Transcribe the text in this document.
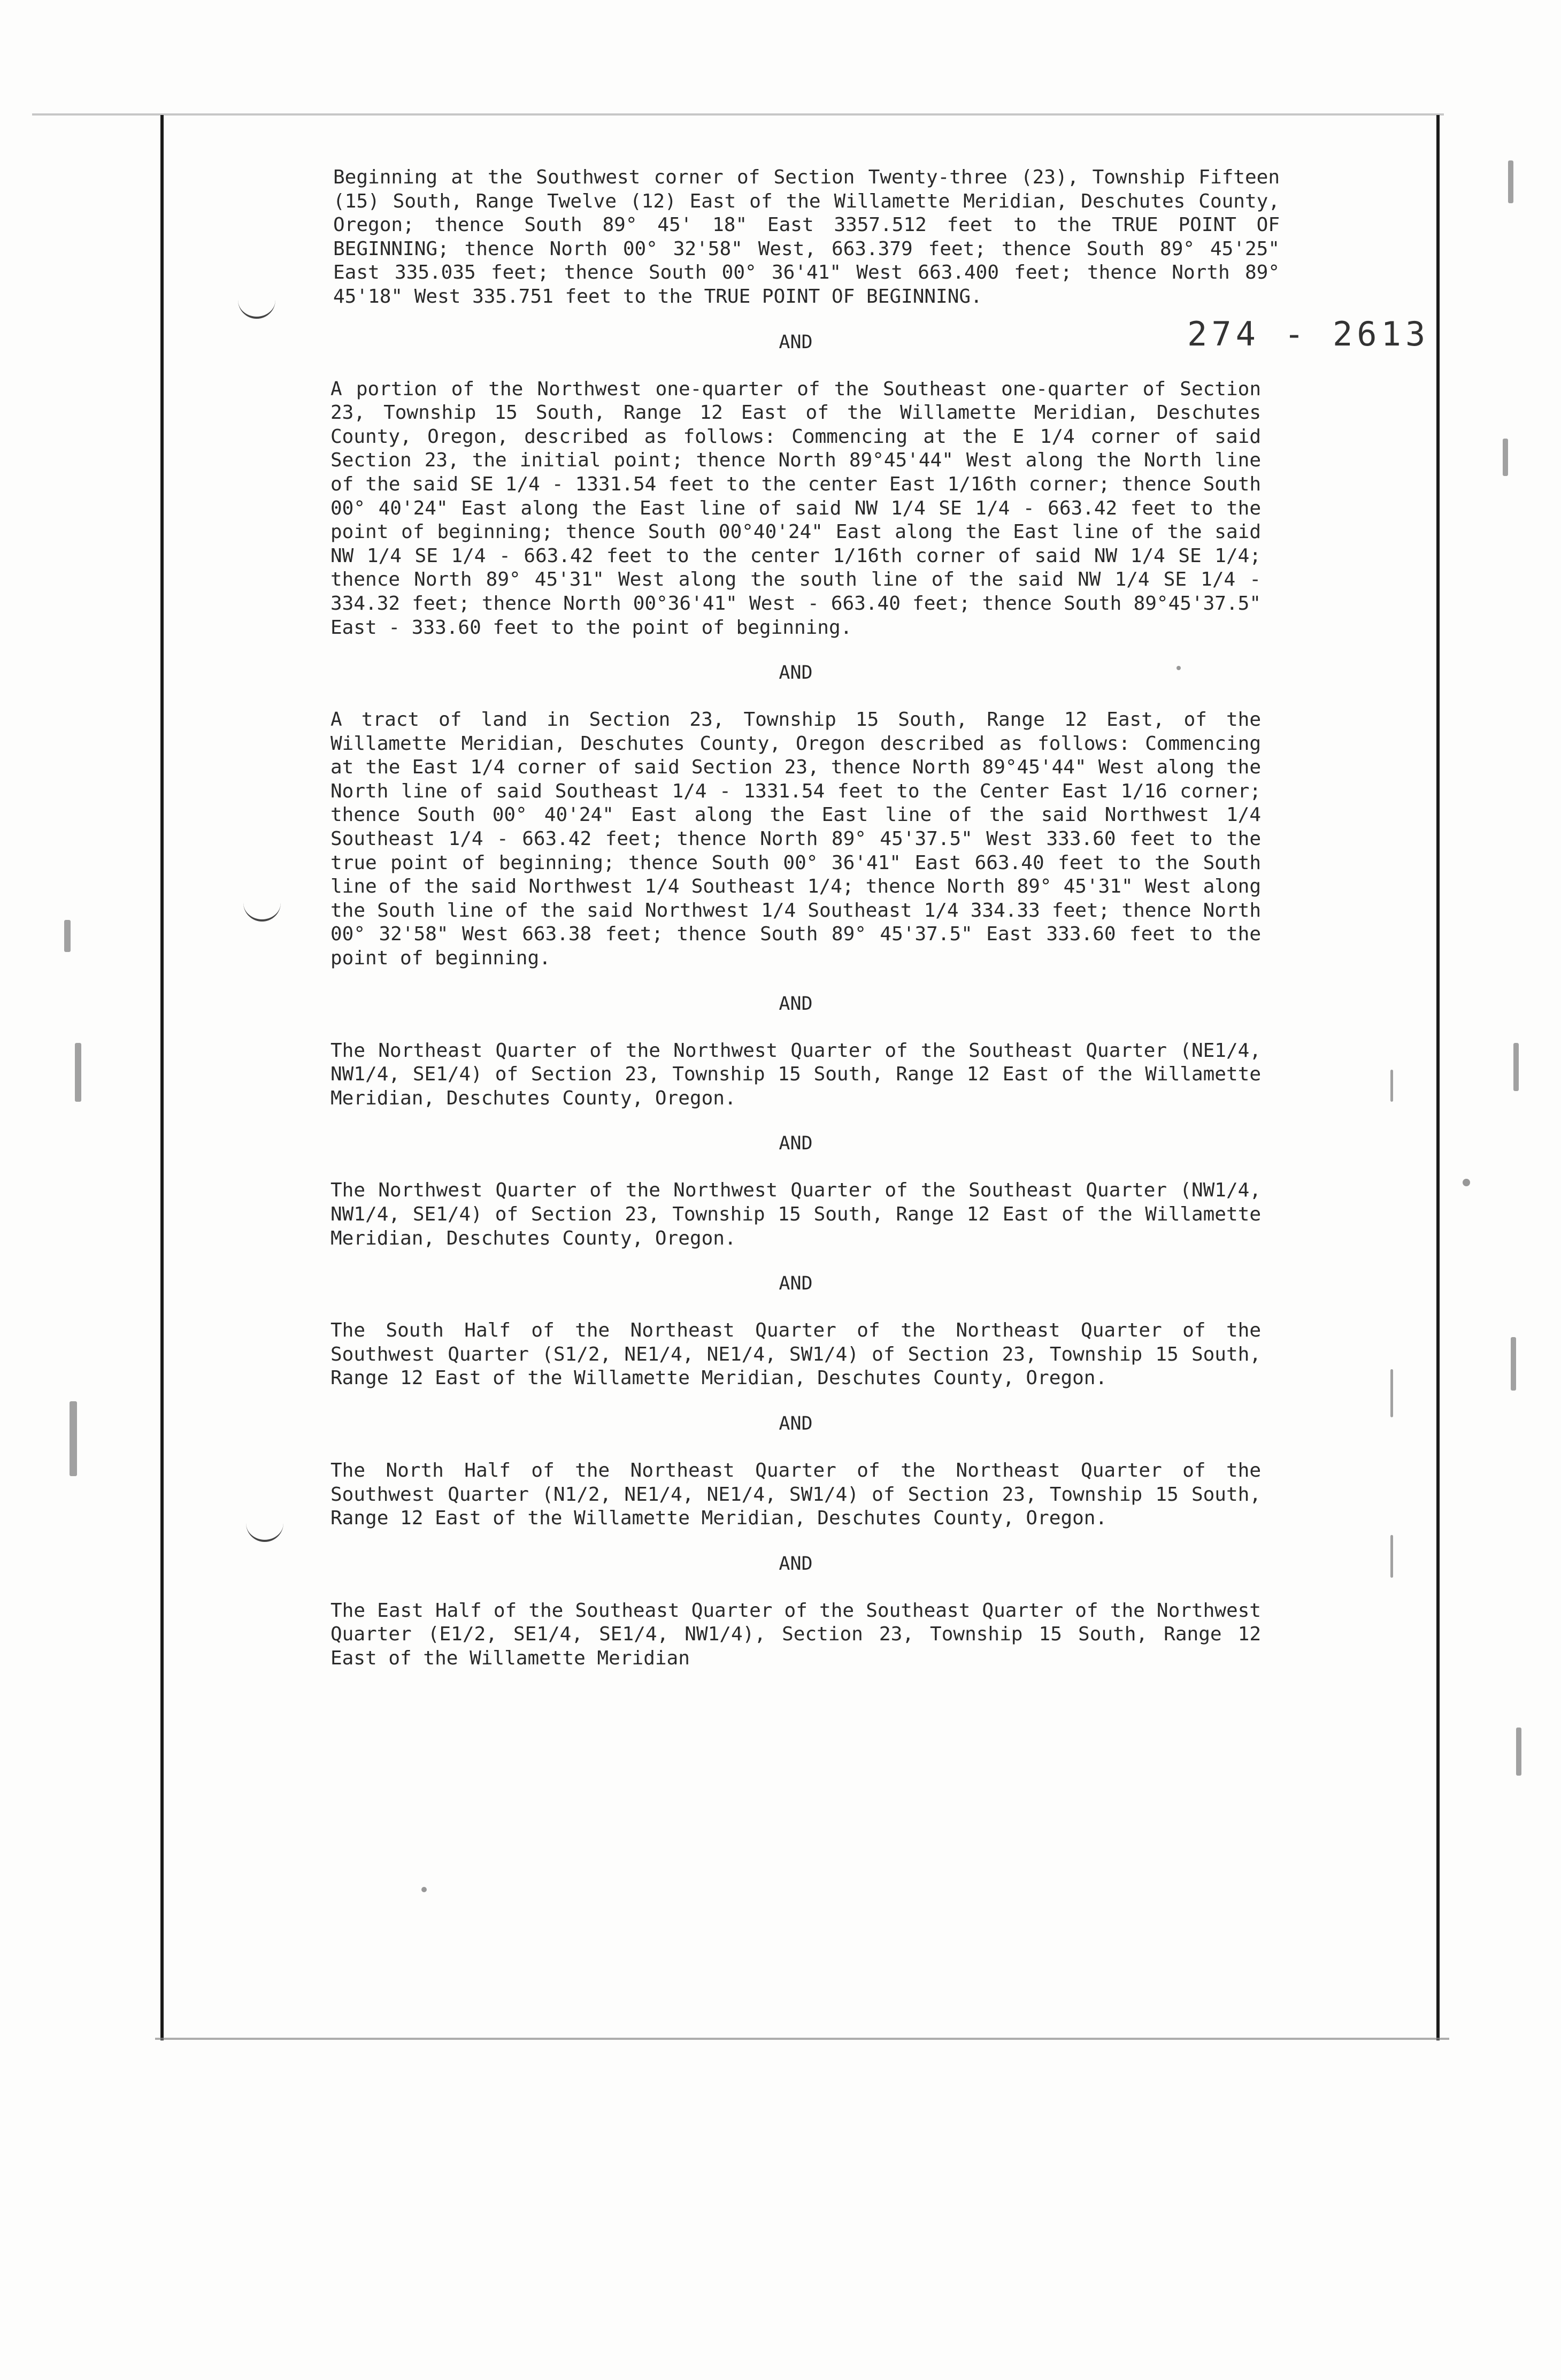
274 - 2613

Beginning at the Southwest corner of Section Twenty-three (23), Township Fifteen (15) South, Range Twelve (12) East of the Willamette Meridian, Deschutes County, Oregon; thence South 89° 45' 18" East 3357.512 feet to the TRUE POINT OF BEGINNING; thence North 00° 32'58" West, 663.379 feet; thence South 89° 45'25" East 335.035 feet; thence South 00° 36'41" West 663.400 feet; thence North 89° 45'18" West 335.751 feet to the TRUE POINT OF BEGINNING.

AND

A portion of the Northwest one-quarter of the Southeast one-quarter of Section 23, Township 15 South, Range 12 East of the Willamette Meridian, Deschutes County, Oregon, described as follows: Commencing at the E 1/4 corner of said Section 23, the initial point; thence North 89°45'44" West along the North line of the said SE 1/4 - 1331.54 feet to the center East 1/16th corner; thence South 00° 40'24" East along the East line of said NW 1/4 SE 1/4 - 663.42 feet to the point of beginning; thence South 00°40'24" East along the East line of the said NW 1/4 SE 1/4 - 663.42 feet to the center 1/16th corner of said NW 1/4 SE 1/4; thence North 89° 45'31" West along the south line of the said NW 1/4 SE 1/4 - 334.32 feet; thence North 00°36'41" West - 663.40 feet; thence South 89°45'37.5" East - 333.60 feet to the point of beginning.

AND

A tract of land in Section 23, Township 15 South, Range 12 East, of the Willamette Meridian, Deschutes County, Oregon described as follows: Commencing at the East 1/4 corner of said Section 23, thence North 89°45'44" West along the North line of said Southeast 1/4 - 1331.54 feet to the Center East 1/16 corner; thence South 00° 40'24" East along the East line of the said Northwest 1/4 Southeast 1/4 - 663.42 feet; thence North 89° 45'37.5" West 333.60 feet to the true point of beginning; thence South 00° 36'41" East 663.40 feet to the South line of the said Northwest 1/4 Southeast 1/4; thence North 89° 45'31" West along the South line of the said Northwest 1/4 Southeast 1/4 334.33 feet; thence North 00° 32'58" West 663.38 feet; thence South 89° 45'37.5" East 333.60 feet to the point of beginning.

AND

The Northeast Quarter of the Northwest Quarter of the Southeast Quarter (NE1/4, NW1/4, SE1/4) of Section 23, Township 15 South, Range 12 East of the Willamette Meridian, Deschutes County, Oregon.

AND

The Northwest Quarter of the Northwest Quarter of the Southeast Quarter (NW1/4, NW1/4, SE1/4) of Section 23, Township 15 South, Range 12 East of the Willamette Meridian, Deschutes County, Oregon.

AND

The South Half of the Northeast Quarter of the Northeast Quarter of the Southwest Quarter (S1/2, NE1/4, NE1/4, SW1/4) of Section 23, Township 15 South, Range 12 East of the Willamette Meridian, Deschutes County, Oregon.

AND

The North Half of the Northeast Quarter of the Northeast Quarter of the Southwest Quarter (N1/2, NE1/4, NE1/4, SW1/4) of Section 23, Township 15 South, Range 12 East of the Willamette Meridian, Deschutes County, Oregon.

AND

The East Half of the Southeast Quarter of the Southeast Quarter of the Northwest Quarter (E1/2, SE1/4, SE1/4, NW1/4), Section 23, Township 15 South, Range 12 East of the Willamette Meridian
